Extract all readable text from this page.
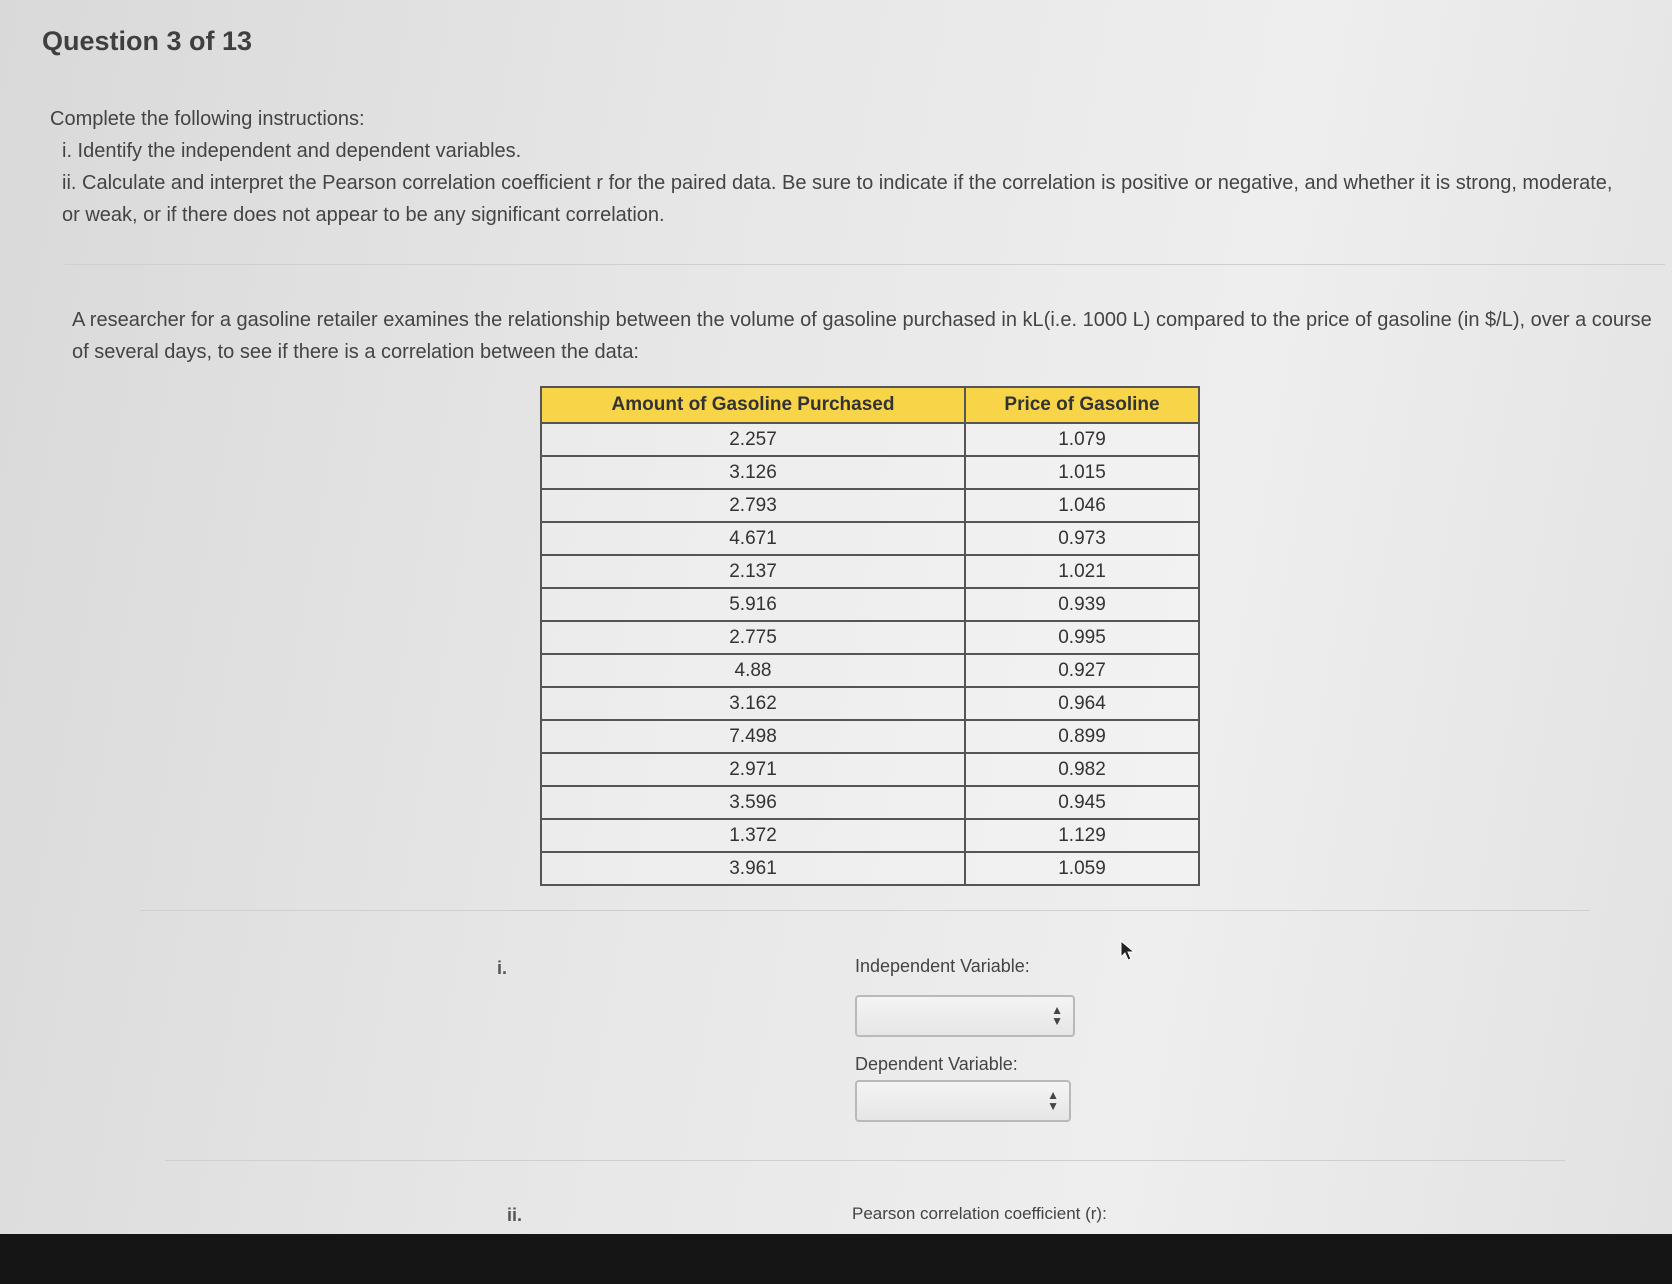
Question 3 of 13
Complete the following instructions:
i. Identify the independent and dependent variables.
ii. Calculate and interpret the Pearson correlation coefficient r for the paired data. Be sure to indicate if the correlation is positive or negative, and whether it is strong, moderate,
or weak, or if there does not appear to be any significant correlation.
A researcher for a gasoline retailer examines the relationship between the volume of gasoline purchased in kL(i.e. 1000 L) compared to the price of gasoline (in $/L), over a course
of several days, to see if there is a correlation between the data:
Amount of Gasoline Purchased	Price of Gasoline
2.257	1.079
3.126	1.015
2.793	1.046
4.671	0.973
2.137	1.021
5.916	0.939
2.775	0.995
4.88	0.927
3.162	0.964
7.498	0.899
2.971	0.982
3.596	0.945
1.372	1.129
3.961	1.059
i.	Independent Variable:
▲
▼
Dependent Variable:
▲
▼
ii.	Pearson correlation coefficient (r):
